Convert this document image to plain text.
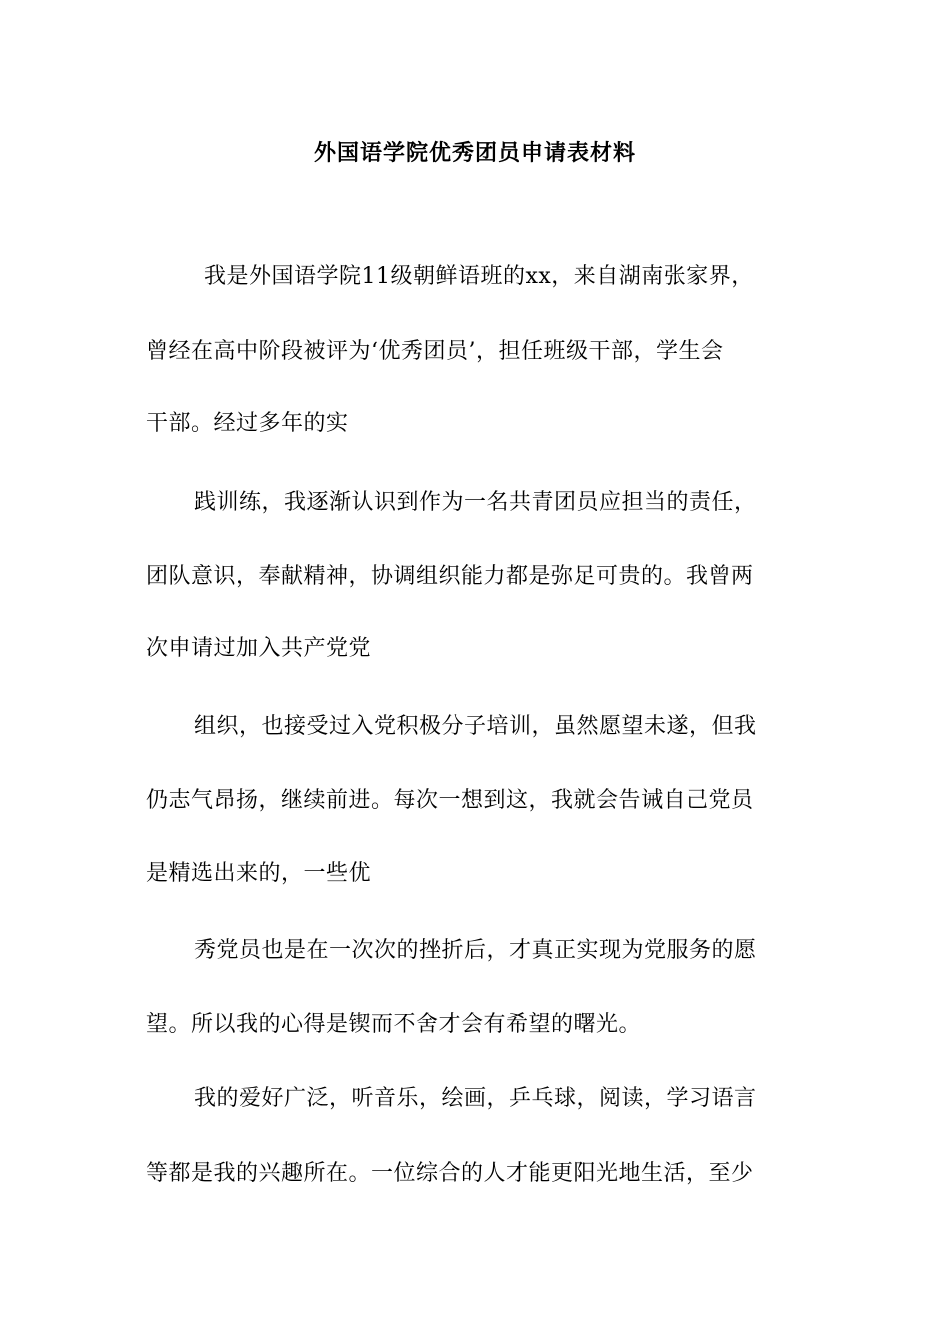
外国语学院优秀团员申请表材料
我是外国语学院11级朝鲜语班的xx，来自湖南张家界，
曾经在高中阶段被评为‘优秀团员’，担任班级干部，学生会
干部。经过多年的实
践训练，我逐渐认识到作为一名共青团员应担当的责任，
团队意识，奉献精神，协调组织能力都是弥足可贵的。我曾两
次申请过加入共产党党
组织，也接受过入党积极分子培训，虽然愿望未遂，但我
仍志气昂扬，继续前进。每次一想到这，我就会告诫自己党员
是精选出来的，一些优
秀党员也是在一次次的挫折后，才真正实现为党服务的愿
望。所以我的心得是锲而不舍才会有希望的曙光。
我的爱好广泛，听音乐，绘画，乒乓球，阅读，学习语言
等都是我的兴趣所在。一位综合的人才能更阳光地生活，至少
